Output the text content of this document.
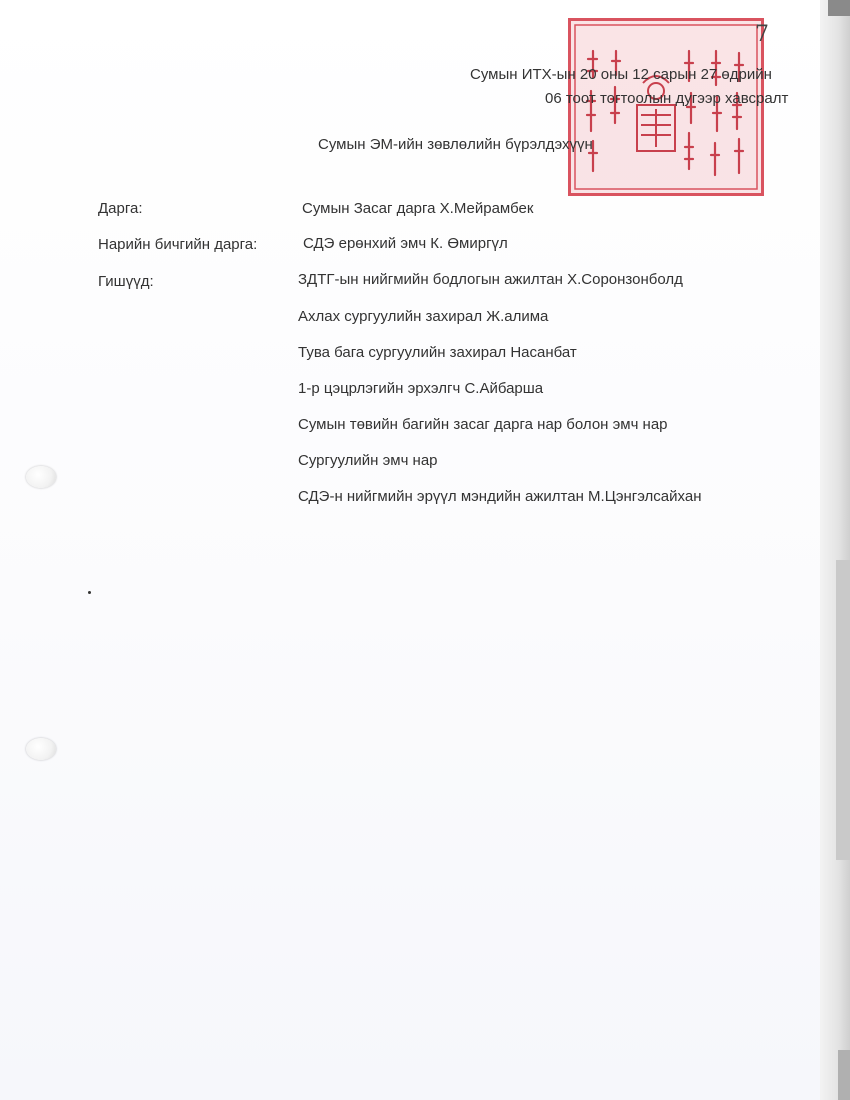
7
Сумын ИТХ-ын 20 оны 12 сарын 27 өдрийн
06 тоот тогтоолын дугээр хавсралт
Сумын ЭМ-ийн зөвлөлийн бүрэлдэхүүн
Дарга:	Сумын Засаг дарга Х.Мейрамбек
Нарийн бичгийн дарга:	СДЭ ерөнхий эмч К. Өмиргүл
Гишүүд:	ЗДТГ-ын нийгмийн бодлогын ажилтан Х.Соронзонболд
Ахлах сургуулийн захирал Ж.алима
Тува бага сургуулийн захирал Насанбат
1-р цэцрлэгийн эрхэлгч С.Айбарша
Сумын төвийн багийн засаг дарга нар болон эмч нар
Сургуулийн эмч нар
СДЭ-н нийгмийн эрүүл мэндийн ажилтан М.Цэнгэлсайхан
